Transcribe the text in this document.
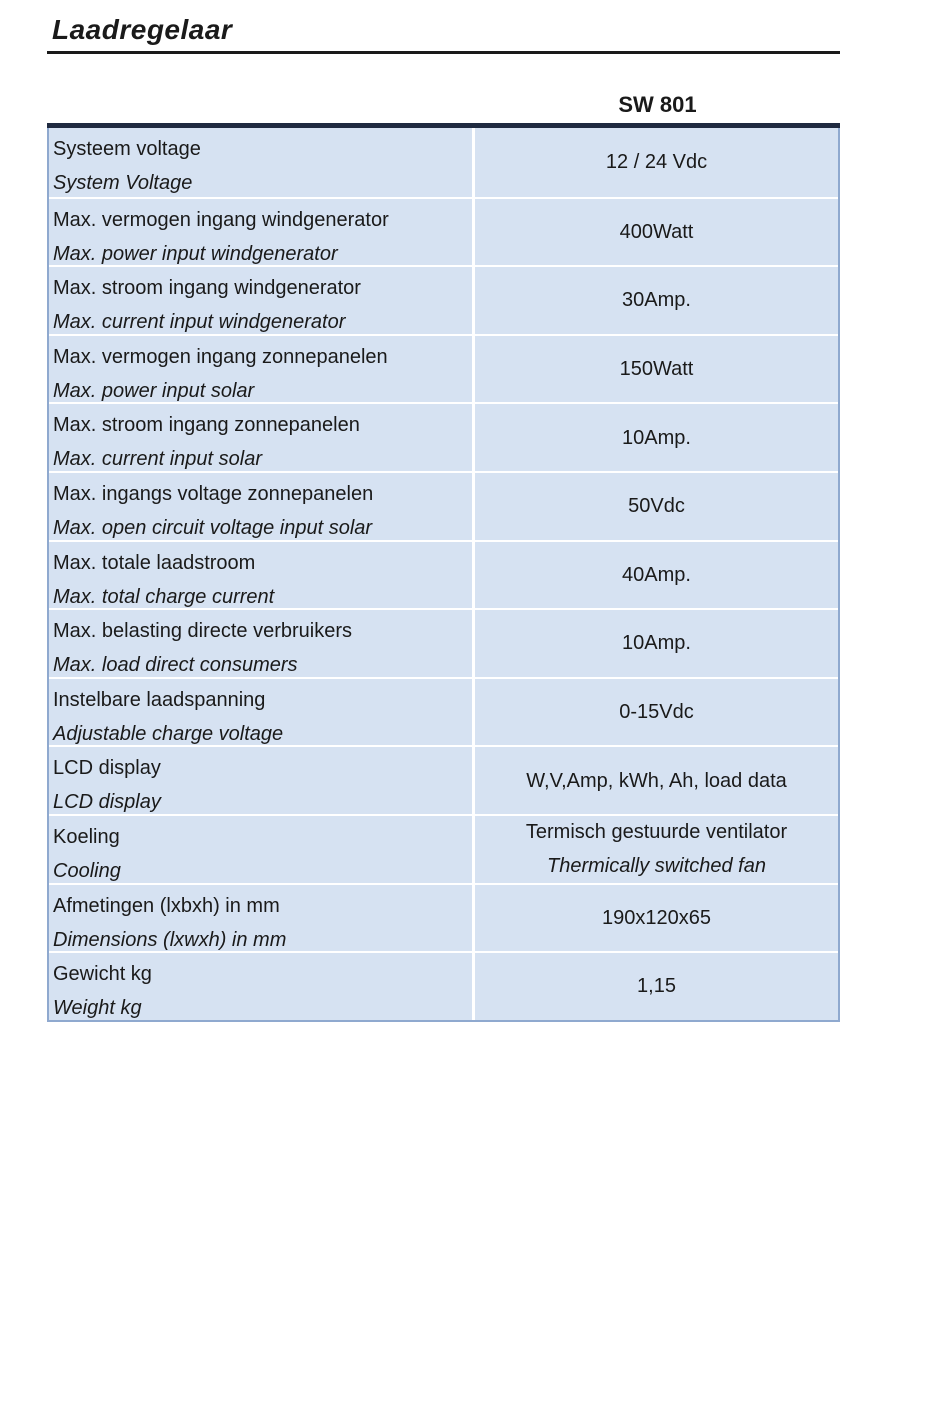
Laadregelaar
SW 801
Systeem voltage
System Voltage
12 / 24 Vdc
Max. vermogen ingang windgenerator
Max. power input windgenerator
400Watt
Max. stroom ingang windgenerator
Max. current input windgenerator
30Amp.
Max. vermogen ingang zonnepanelen
Max. power input solar
150Watt
Max. stroom ingang zonnepanelen
Max. current input solar
10Amp.
Max. ingangs voltage zonnepanelen
Max. open circuit voltage input solar
50Vdc
Max. totale laadstroom
Max. total charge current
40Amp.
Max. belasting directe verbruikers
Max. load direct consumers
10Amp.
Instelbare laadspanning
Adjustable charge voltage
0-15Vdc
LCD display
LCD display
W,V,Amp, kWh, Ah, load data
Koeling
Cooling
Termisch gestuurde ventilator
Thermically switched fan
Afmetingen (lxbxh) in mm
Dimensions (lxwxh) in mm
190x120x65
Gewicht kg
Weight kg
1,15
